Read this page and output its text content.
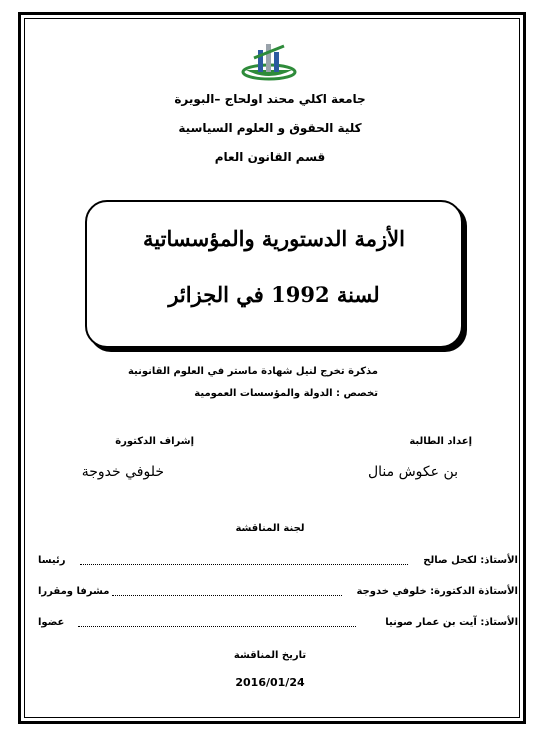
جامعة اكلي محند اولحاج –البويرة
كلية الحقوق و العلوم السياسية
قسم القانون العام
الأزمة الدستورية والمؤسساتية
لسنة 1992 في الجزائر
مذكرة تخرج لنيل شهادة ماستر في العلوم القانونية
تخصص : الدولة والمؤسسات العمومية
إعداد الطالبة
إشراف الدكتورة
بن عكوش منال
خلوفي خدوجة
لجنة المناقشة
الأستاذ: لكحل صالح
رئيسا
الأستاذة الدكتورة: خلوفي خدوجة
مشرفا ومقررا
الأستاذ: آيت بن عمار صونيا
عضوا
تاريخ المناقشة
2016/01/24
